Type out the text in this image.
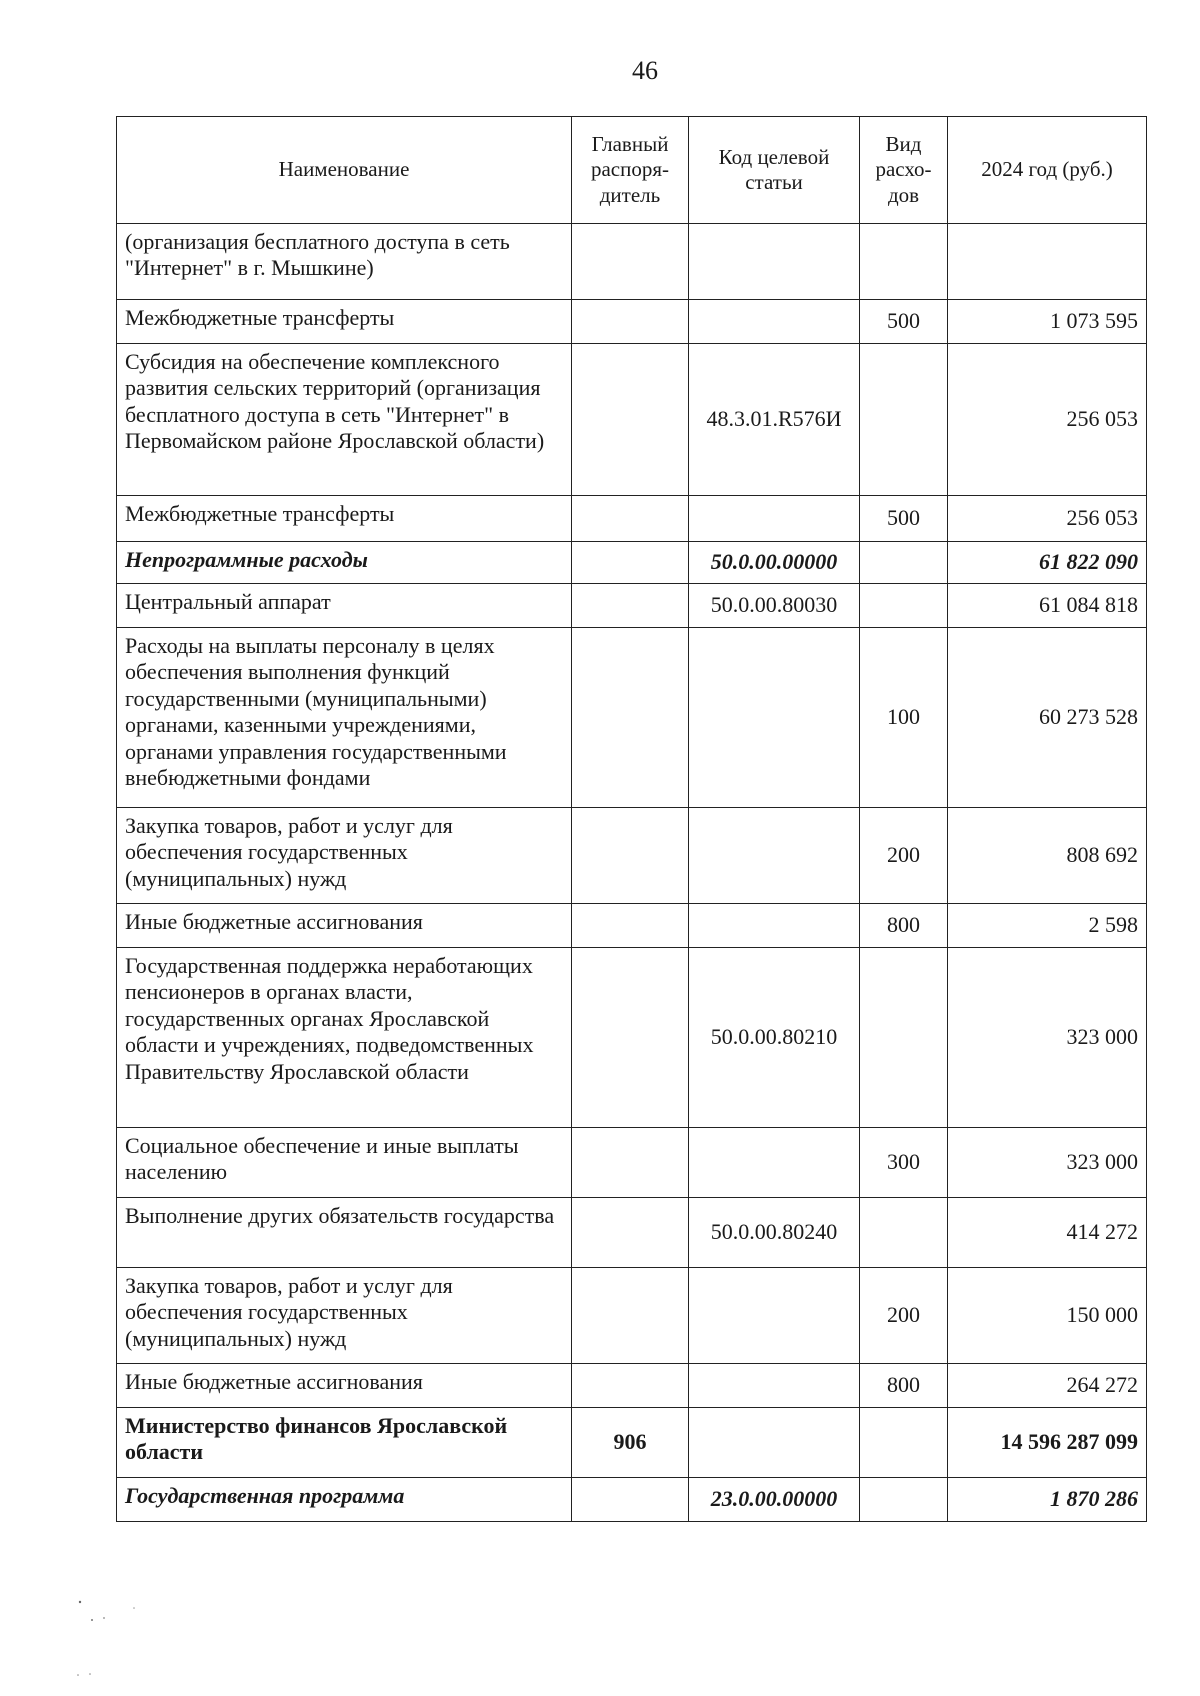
46
Наименование	Главный распоря-дитель	Код целевой статьи	Вид расхо-дов	2024 год (руб.)
(организация бесплатного доступа в сеть "Интернет" в г. Мышкине)				
Межбюджетные трансферты			500	1 073 595
Субсидия на обеспечение комплексного развития сельских территорий (организация бесплатного доступа в сеть "Интернет" в Первомайском районе Ярославской области)		48.3.01.R576И		256 053
Межбюджетные трансферты			500	256 053
Непрограммные расходы		50.0.00.00000		61 822 090
Центральный аппарат		50.0.00.80030		61 084 818
Расходы на выплаты персоналу в целях обеспечения выполнения функций государственными (муниципальными) органами, казенными учреждениями, органами управления государственными внебюджетными фондами			100	60 273 528
Закупка товаров, работ и услуг для обеспечения государственных (муниципальных) нужд			200	808 692
Иные бюджетные ассигнования			800	2 598
Государственная поддержка неработающих пенсионеров в органах власти, государственных органах Ярославской области и учреждениях, подведомственных Правительству Ярославской области		50.0.00.80210		323 000
Социальное обеспечение и иные выплаты населению			300	323 000
Выполнение других обязательств государства		50.0.00.80240		414 272
Закупка товаров, работ и услуг для обеспечения государственных (муниципальных) нужд			200	150 000
Иные бюджетные ассигнования			800	264 272
Министерство финансов Ярославской области	906			14 596 287 099
Государственная программа		23.0.00.00000		1 870 286
